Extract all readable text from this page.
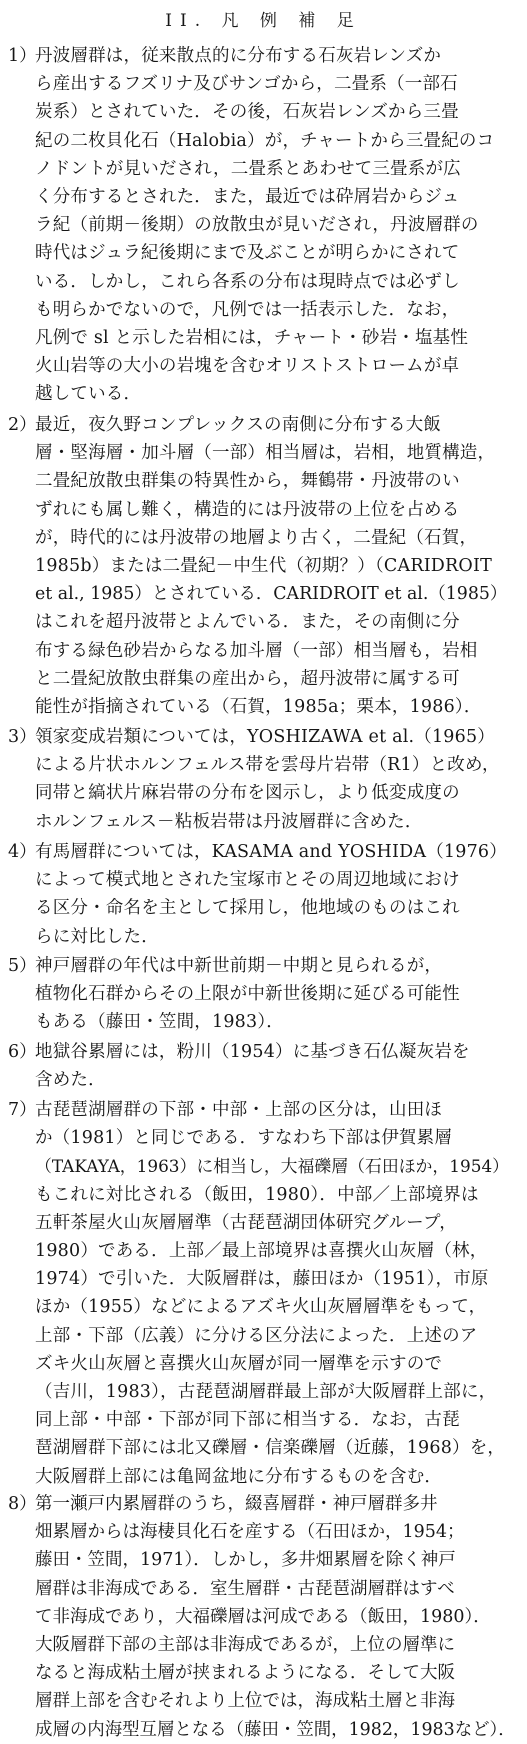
II. 凡 例 補 足
1）
丹波層群は，従来散点的に分布する石灰岩レンズか
ら産出するフズリナ及びサンゴから，二畳系（一部石
炭系）とされていた．その後，石灰岩レンズから三畳
紀の二枚貝化石（Halobia）が，チャートから三畳紀のコ
ノドントが見いだされ，二畳系とあわせて三畳系が広
く分布するとされた．また，最近では砕屑岩からジュ
ラ紀（前期－後期）の放散虫が見いだされ，丹波層群の
時代はジュラ紀後期にまで及ぶことが明らかにされて
いる．しかし，これら各系の分布は現時点では必ずし
も明らかでないので，凡例では一括表示した．なお，
凡例で sl と示した岩相には，チャート・砂岩・塩基性
火山岩等の大小の岩塊を含むオリストストロームが卓
越している．
2）
最近，夜久野コンプレックスの南側に分布する大飯
層・堅海層・加斗層（一部）相当層は，岩相，地質構造，
二畳紀放散虫群集の特異性から，舞鶴帯・丹波帯のい
ずれにも属し難く，構造的には丹波帯の上位を占める
が，時代的には丹波帯の地層より古く，二畳紀（石賀，
1985b）または二畳紀－中生代（初期？）（CARIDROIT
et al., 1985）とされている．CARIDROIT et al.（1985）
はこれを超丹波帯とよんでいる．また，その南側に分
布する緑色砂岩からなる加斗層（一部）相当層も，岩相
と二畳紀放散虫群集の産出から，超丹波帯に属する可
能性が指摘されている（石賀，1985a；栗本，1986）．
3）
領家変成岩類については，YOSHIZAWA et al.（1965）
による片状ホルンフェルス帯を雲母片岩帯（R1）と改め，
同帯と縞状片麻岩帯の分布を図示し，より低変成度の
ホルンフェルス－粘板岩帯は丹波層群に含めた．
4）
有馬層群については，KASAMA and YOSHIDA（1976）
によって模式地とされた宝塚市とその周辺地域におけ
る区分・命名を主として採用し，他地域のものはこれ
らに対比した．
5）
神戸層群の年代は中新世前期－中期と見られるが，
植物化石群からその上限が中新世後期に延びる可能性
もある（藤田・笠間，1983）．
6）
地獄谷累層には，粉川（1954）に基づき石仏凝灰岩を
含めた．
7）
古琵琶湖層群の下部・中部・上部の区分は，山田ほ
か（1981）と同じである．すなわち下部は伊賀累層
（TAKAYA，1963）に相当し，大福礫層（石田ほか，1954）
もこれに対比される（飯田，1980）．中部／上部境界は
五軒茶屋火山灰層層準（古琵琶湖団体研究グループ，
1980）である．上部／最上部境界は喜撰火山灰層（林，
1974）で引いた．大阪層群は，藤田ほか（1951），市原
ほか（1955）などによるアズキ火山灰層層準をもって，
上部・下部（広義）に分ける区分法によった．上述のア
ズキ火山灰層と喜撰火山灰層が同一層準を示すので
（吉川，1983），古琵琶湖層群最上部が大阪層群上部に，
同上部・中部・下部が同下部に相当する．なお，古琵
琶湖層群下部には北又礫層・信楽礫層（近藤，1968）を，
大阪層群上部には亀岡盆地に分布するものを含む．
8）
第一瀬戸内累層群のうち，綴喜層群・神戸層群多井
畑累層からは海棲貝化石を産する（石田ほか，1954；
藤田・笠間，1971）．しかし，多井畑累層を除く神戸
層群は非海成である．室生層群・古琵琶湖層群はすべ
て非海成であり，大福礫層は河成である（飯田，1980）．
大阪層群下部の主部は非海成であるが，上位の層準に
なると海成粘土層が挟まれるようになる．そして大阪
層群上部を含むそれより上位では，海成粘土層と非海
成層の内海型互層となる（藤田・笠間，1982，1983など）．
